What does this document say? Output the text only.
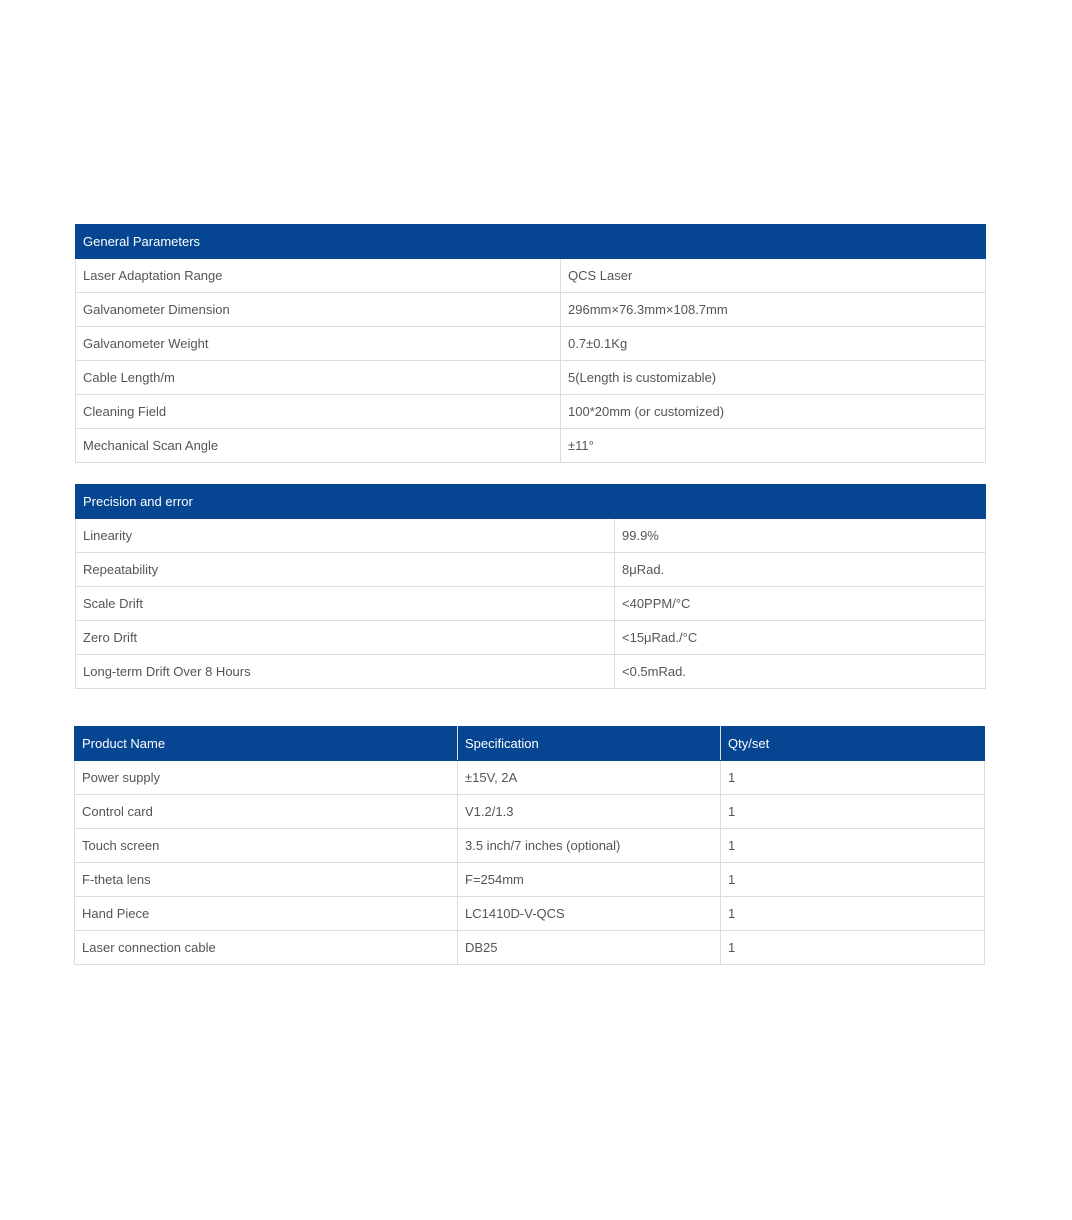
General Parameters	
Laser Adaptation Range	QCS Laser
Galvanometer Dimension	296mm×76.3mm×108.7mm
Galvanometer Weight	0.7±0.1Kg
Cable Length/m	5(Length is customizable)
Cleaning Field	100*20mm (or customized)
Mechanical Scan Angle	±11°
Precision and error	
Linearity	99.9%
Repeatability	8μRad.
Scale Drift	<40PPM/°C
Zero Drift	<15μRad./°C
Long-term Drift Over 8 Hours	<0.5mRad.
Product Name	Specification	Qty/set
Power supply	±15V, 2A	1
Control card	V1.2/1.3	1
Touch screen	3.5 inch/7 inches (optional)	1
F-theta lens	F=254mm	1
Hand Piece	LC1410D-V-QCS	1
Laser connection cable	DB25	1
